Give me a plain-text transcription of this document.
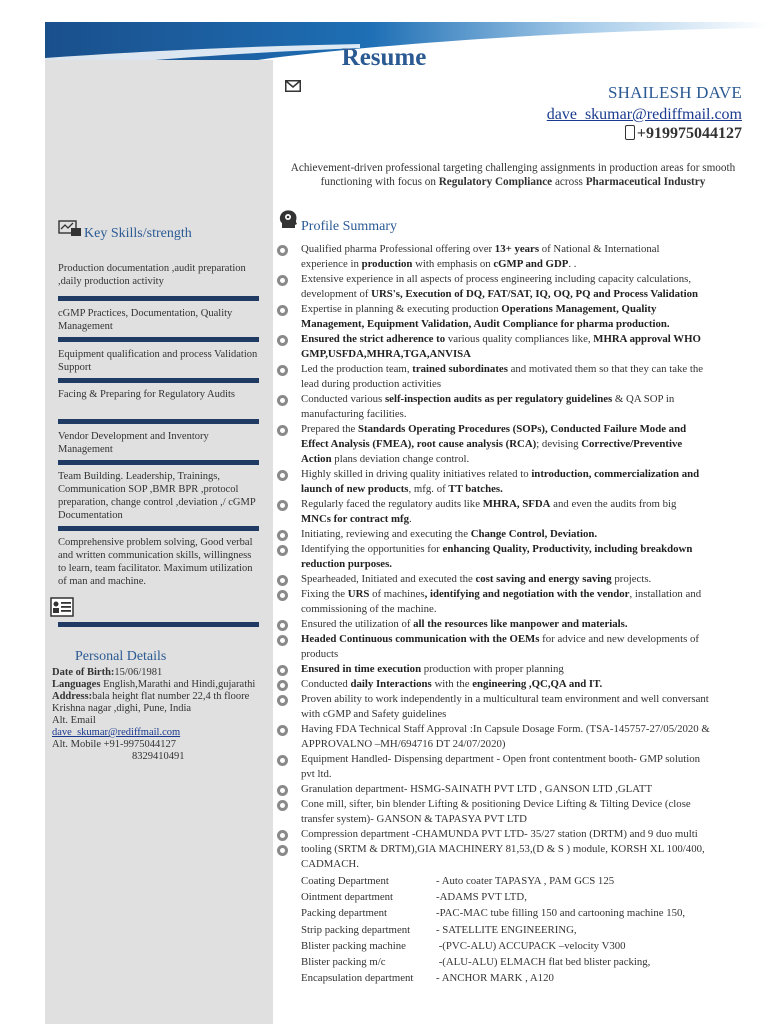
Resume
SHAILESH DAVE
dave_skumar@rediffmail.com
+919975044127
Achievement-driven professional targeting challenging assignments in production areas for smooth functioning with focus on Regulatory Compliance across Pharmaceutical Industry
Key Skills/strength
Production documentation ,audit preparation ,daily production activity
cGMP Practices, Documentation, Quality Management
Equipment qualification and process Validation Support
Facing & Preparing for Regulatory Audits
Vendor Development and Inventory Management
Team Building. Leadership, Trainings, Communication SOP ,BMR BPR ,protocol preparation, change control ,deviation ,/ cGMP Documentation
Comprehensive problem solving, Good verbal and written communication skills, willingness to learn, team facilitator. Maximum utilization of man and machine.
Personal Details
Date of Birth:15/06/1981
Languages English,Marathi and Hindi,gujarathi
Address:bala height flat number 22,4 th floore
Krishna nagar ,dighi, Pune, India
Alt. Email
dave_skumar@rediffmail.com
Alt. Mobile +91-9975044127
8329410491
Profile Summary
Qualified pharma Professional offering over 13+ years of National & International
experience in production with emphasis on cGMP and GDP. .
Extensive experience in all aspects of process engineering including capacity calculations,
development of URS's, Execution of DQ, FAT/SAT, IQ, OQ, PQ and Process Validation
Expertise in planning & executing production Operations Management, Quality
Management, Equipment Validation, Audit Compliance for pharma production.
Ensured the strict adherence to various quality compliances like, MHRA approval WHO
GMP,USFDA,MHRA,TGA,ANVISA
Led the production team, trained subordinates and motivated them so that they can take the
lead during production activities
Conducted various self-inspection audits as per regulatory guidelines & QA SOP in
manufacturing facilities.
Prepared the Standards Operating Procedures (SOPs), Conducted Failure Mode and
Effect Analysis (FMEA), root cause analysis (RCA); devising Corrective/Preventive
Action plans deviation change control.
Highly skilled in driving quality initiatives related to introduction, commercialization and
launch of new products, mfg. of TT batches.
Regularly faced the regulatory audits like MHRA, SFDA and even the audits from big
MNCs for contract mfg.
Initiating, reviewing and executing the Change Control, Deviation.
Identifying the opportunities for enhancing Quality, Productivity, including breakdown
reduction purposes.
Spearheaded, Initiated and executed the cost saving and energy saving projects.
Fixing the URS of machines, identifying and negotiation with the vendor, installation and
commissioning of the machine.
Ensured the utilization of all the resources like manpower and materials.
Headed Continuous communication with the OEMs for advice and new developments of
products
Ensured in time execution production with proper planning
Conducted daily Interactions with the engineering ,QC,QA and IT.
Proven ability to work independently in a multicultural team environment and well conversant
with cGMP and Safety guidelines
Having FDA Technical Staff Approval :In Capsule Dosage Form. (TSA-145757-27/05/2020 &
APPROVALNO –MH/694716 DT 24/07/2020)
Equipment Handled- Dispensing department - Open front contentment booth- GMP solution
pvt ltd.
Granulation department- HSMG-SAINATH PVT LTD , GANSON LTD ,GLATT
Cone mill, sifter, bin blender Lifting & positioning Device Lifting & Tilting Device (close
transfer system)- GANSON & TAPASYA PVT LTD
Compression department -CHAMUNDA PVT LTD- 35/27 station (DRTM) and 9 duo multi
tooling (SRTM & DRTM),GIA MACHINERY 81,53,(D & S ) module, KORSH XL 100/400,
CADMACH.
Coating Department	- Auto coater TAPASYA , PAM GCS 125
Ointment department	-ADAMS PVT LTD,
Packing department	-PAC-MAC tube filling 150 and cartooning machine 150,
Strip packing department - SATELLITE ENGINEERING,
Blister packing machine	-(PVC-ALU) ACCUPACK –velocity V300
Blister packing m/c	-(ALU-ALU) ELMACH flat bed blister packing,
Encapsulation department - ANCHOR MARK , A120
